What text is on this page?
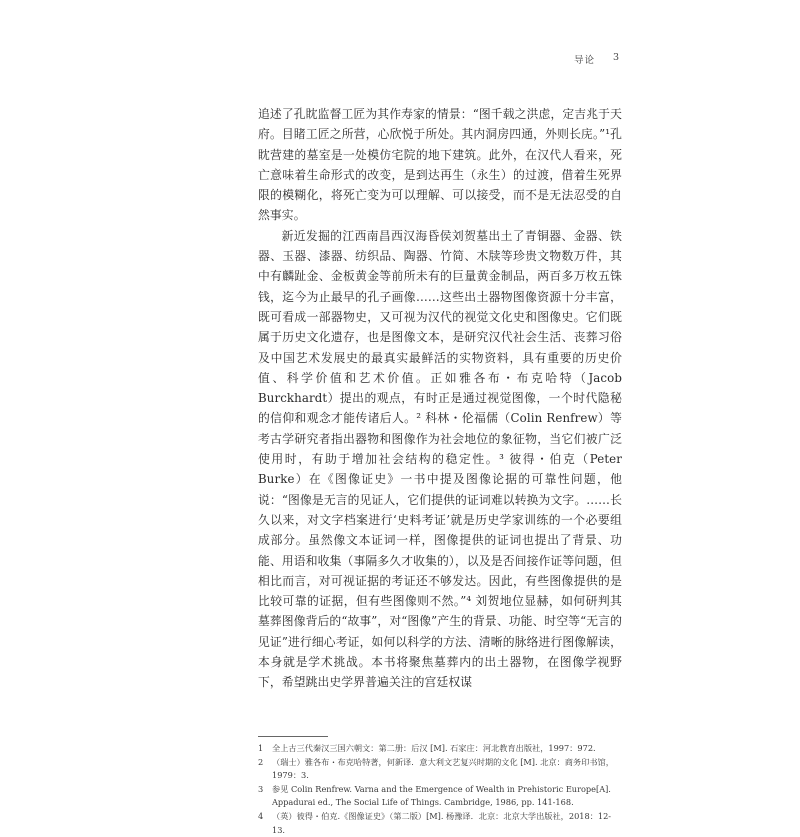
导论 3

追述了孔眈监督工匠为其作寿家的情景：“图千载之洪虑，定吉兆于天府。目睹工匠之所营，心欣悦于所处。其内洞房四通，外则长庑。”¹孔眈营建的墓室是一处模仿宅院的地下建筑。此外，在汉代人看来，死亡意味着生命形式的改变，是到达再生（永生）的过渡，借着生死界限的模糊化，将死亡变为可以理解、可以接受，而不是无法忍受的自然事实。

新近发掘的江西南昌西汉海昏侯刘贺墓出土了青铜器、金器、铁器、玉器、漆器、纺织品、陶器、竹简、木牍等珍贵文物数万件，其中有麟趾金、金板黄金等前所未有的巨量黄金制品，两百多万枚五铢钱，迄今为止最早的孔子画像……这些出土器物图像资源十分丰富，既可看成一部器物史，又可视为汉代的视觉文化史和图像史。它们既属于历史文化遗存，也是图像文本，是研究汉代社会生活、丧葬习俗及中国艺术发展史的最真实最鲜活的实物资料，具有重要的历史价值、科学价值和艺术价值。正如雅各布・布克哈特（Jacob Burckhardt）提出的观点，有时正是通过视觉图像，一个时代隐秘的信仰和观念才能传诸后人。² 科林・伦福儒（Colin Renfrew）等考古学研究者指出器物和图像作为社会地位的象征物，当它们被广泛使用时，有助于增加社会结构的稳定性。³ 彼得・伯克（Peter Burke）在《图像证史》一书中提及图像论据的可靠性问题，他说：“图像是无言的见证人，它们提供的证词难以转换为文字。……长久以来，对文字档案进行‘史料考证’就是历史学家训练的一个必要组成部分。虽然像文本证词一样，图像提供的证词也提出了背景、功能、用语和收集（事隔多久才收集的），以及是否间接作证等问题，但相比而言，对可视证据的考证还不够发达。因此，有些图像提供的是比较可靠的证据，但有些图像则不然。”⁴ 刘贺地位显赫，如何研判其墓葬图像背后的“故事”，对“图像”产生的背景、功能、时空等“无言的见证”进行细心考证，如何以科学的方法、清晰的脉络进行图像解读，本身就是学术挑战。本书将聚焦墓葬内的出土器物，在图像学视野下，希望跳出史学界普遍关注的宫廷权谋

1	全上古三代秦汉三国六朝文：第二册：后汉 [M]. 石家庄：河北教育出版社，1997：972.
2	（瑞士）雅各布・布克哈特著，何新译．意大利文艺复兴时期的文化 [M]. 北京：商务印书馆，1979：3.
3	参见 Colin Renfrew. Varna and the Emergence of Wealth in Prehistoric Europe[A]. Appadurai ed., The Social Life of Things. Cambridge, 1986, pp. 141-168.
4	（英）彼得・伯克.《图像证史》（第二版）[M]. 杨豫译．北京：北京大学出版社，2018：12-13.
